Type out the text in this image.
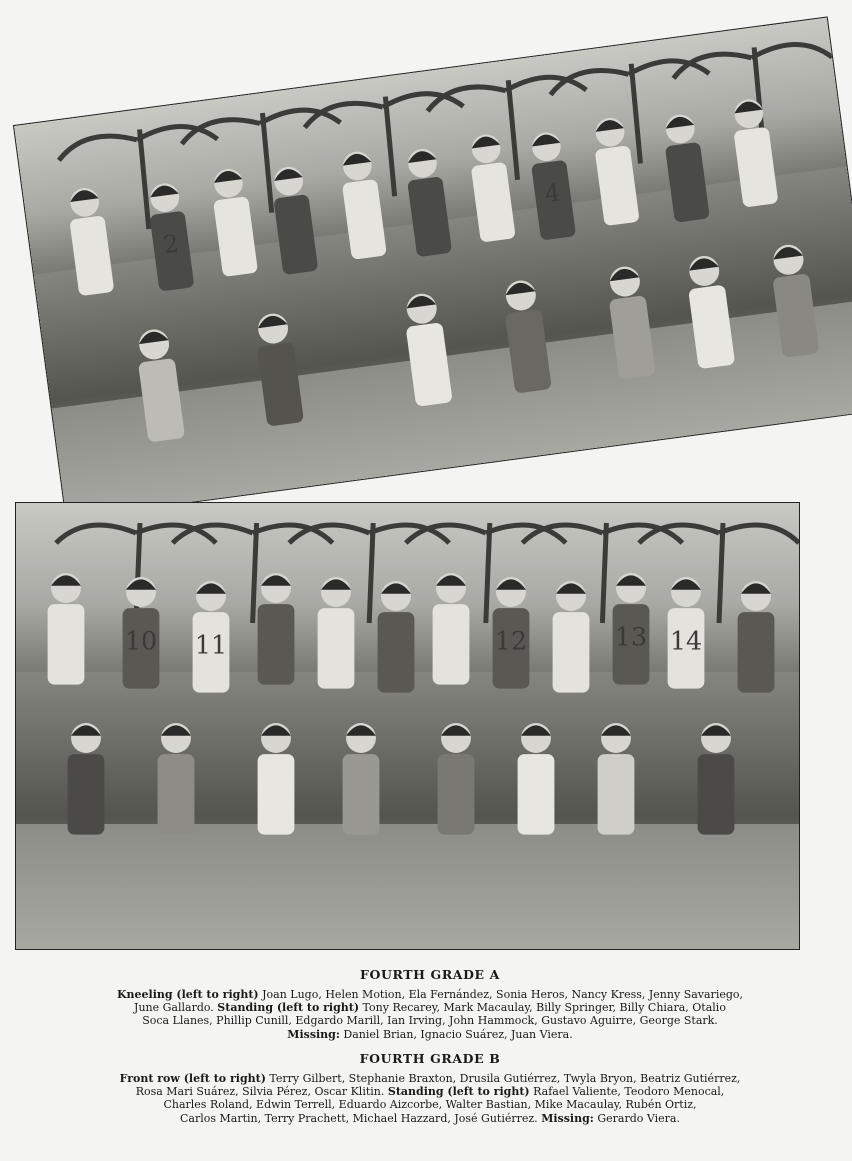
2
4
10 11	12	13 14
FOURTH GRADE A
Kneeling (left to right) Joan Lugo, Helen Motion, Ela Fernández, Sonia Heros, Nancy Kress, Jenny Savariego,
June Gallardo. Standing (left to right) Tony Recarey, Mark Macaulay, Billy Springer, Billy Chiara, Otalio
Soca Llanes, Phillip Cunill, Edgardo Marill, Ian Irving, John Hammock, Gustavo Aguirre, George Stark.
Missing: Daniel Brian, Ignacio Suárez, Juan Viera.
FOURTH GRADE B
Front row (left to right) Terry Gilbert, Stephanie Braxton, Drusila Gutiérrez, Twyla Bryon, Beatriz Gutiérrez,
Rosa Mari Suárez, Silvia Pérez, Oscar Klitin. Standing (left to right) Rafael Valiente, Teodoro Menocal,
Charles Roland, Edwin Terrell, Eduardo Aizcorbe, Walter Bastian, Mike Macaulay, Rubén Ortiz,
Carlos Martin, Terry Prachett, Michael Hazzard, José Gutiérrez. Missing: Gerardo Viera.
